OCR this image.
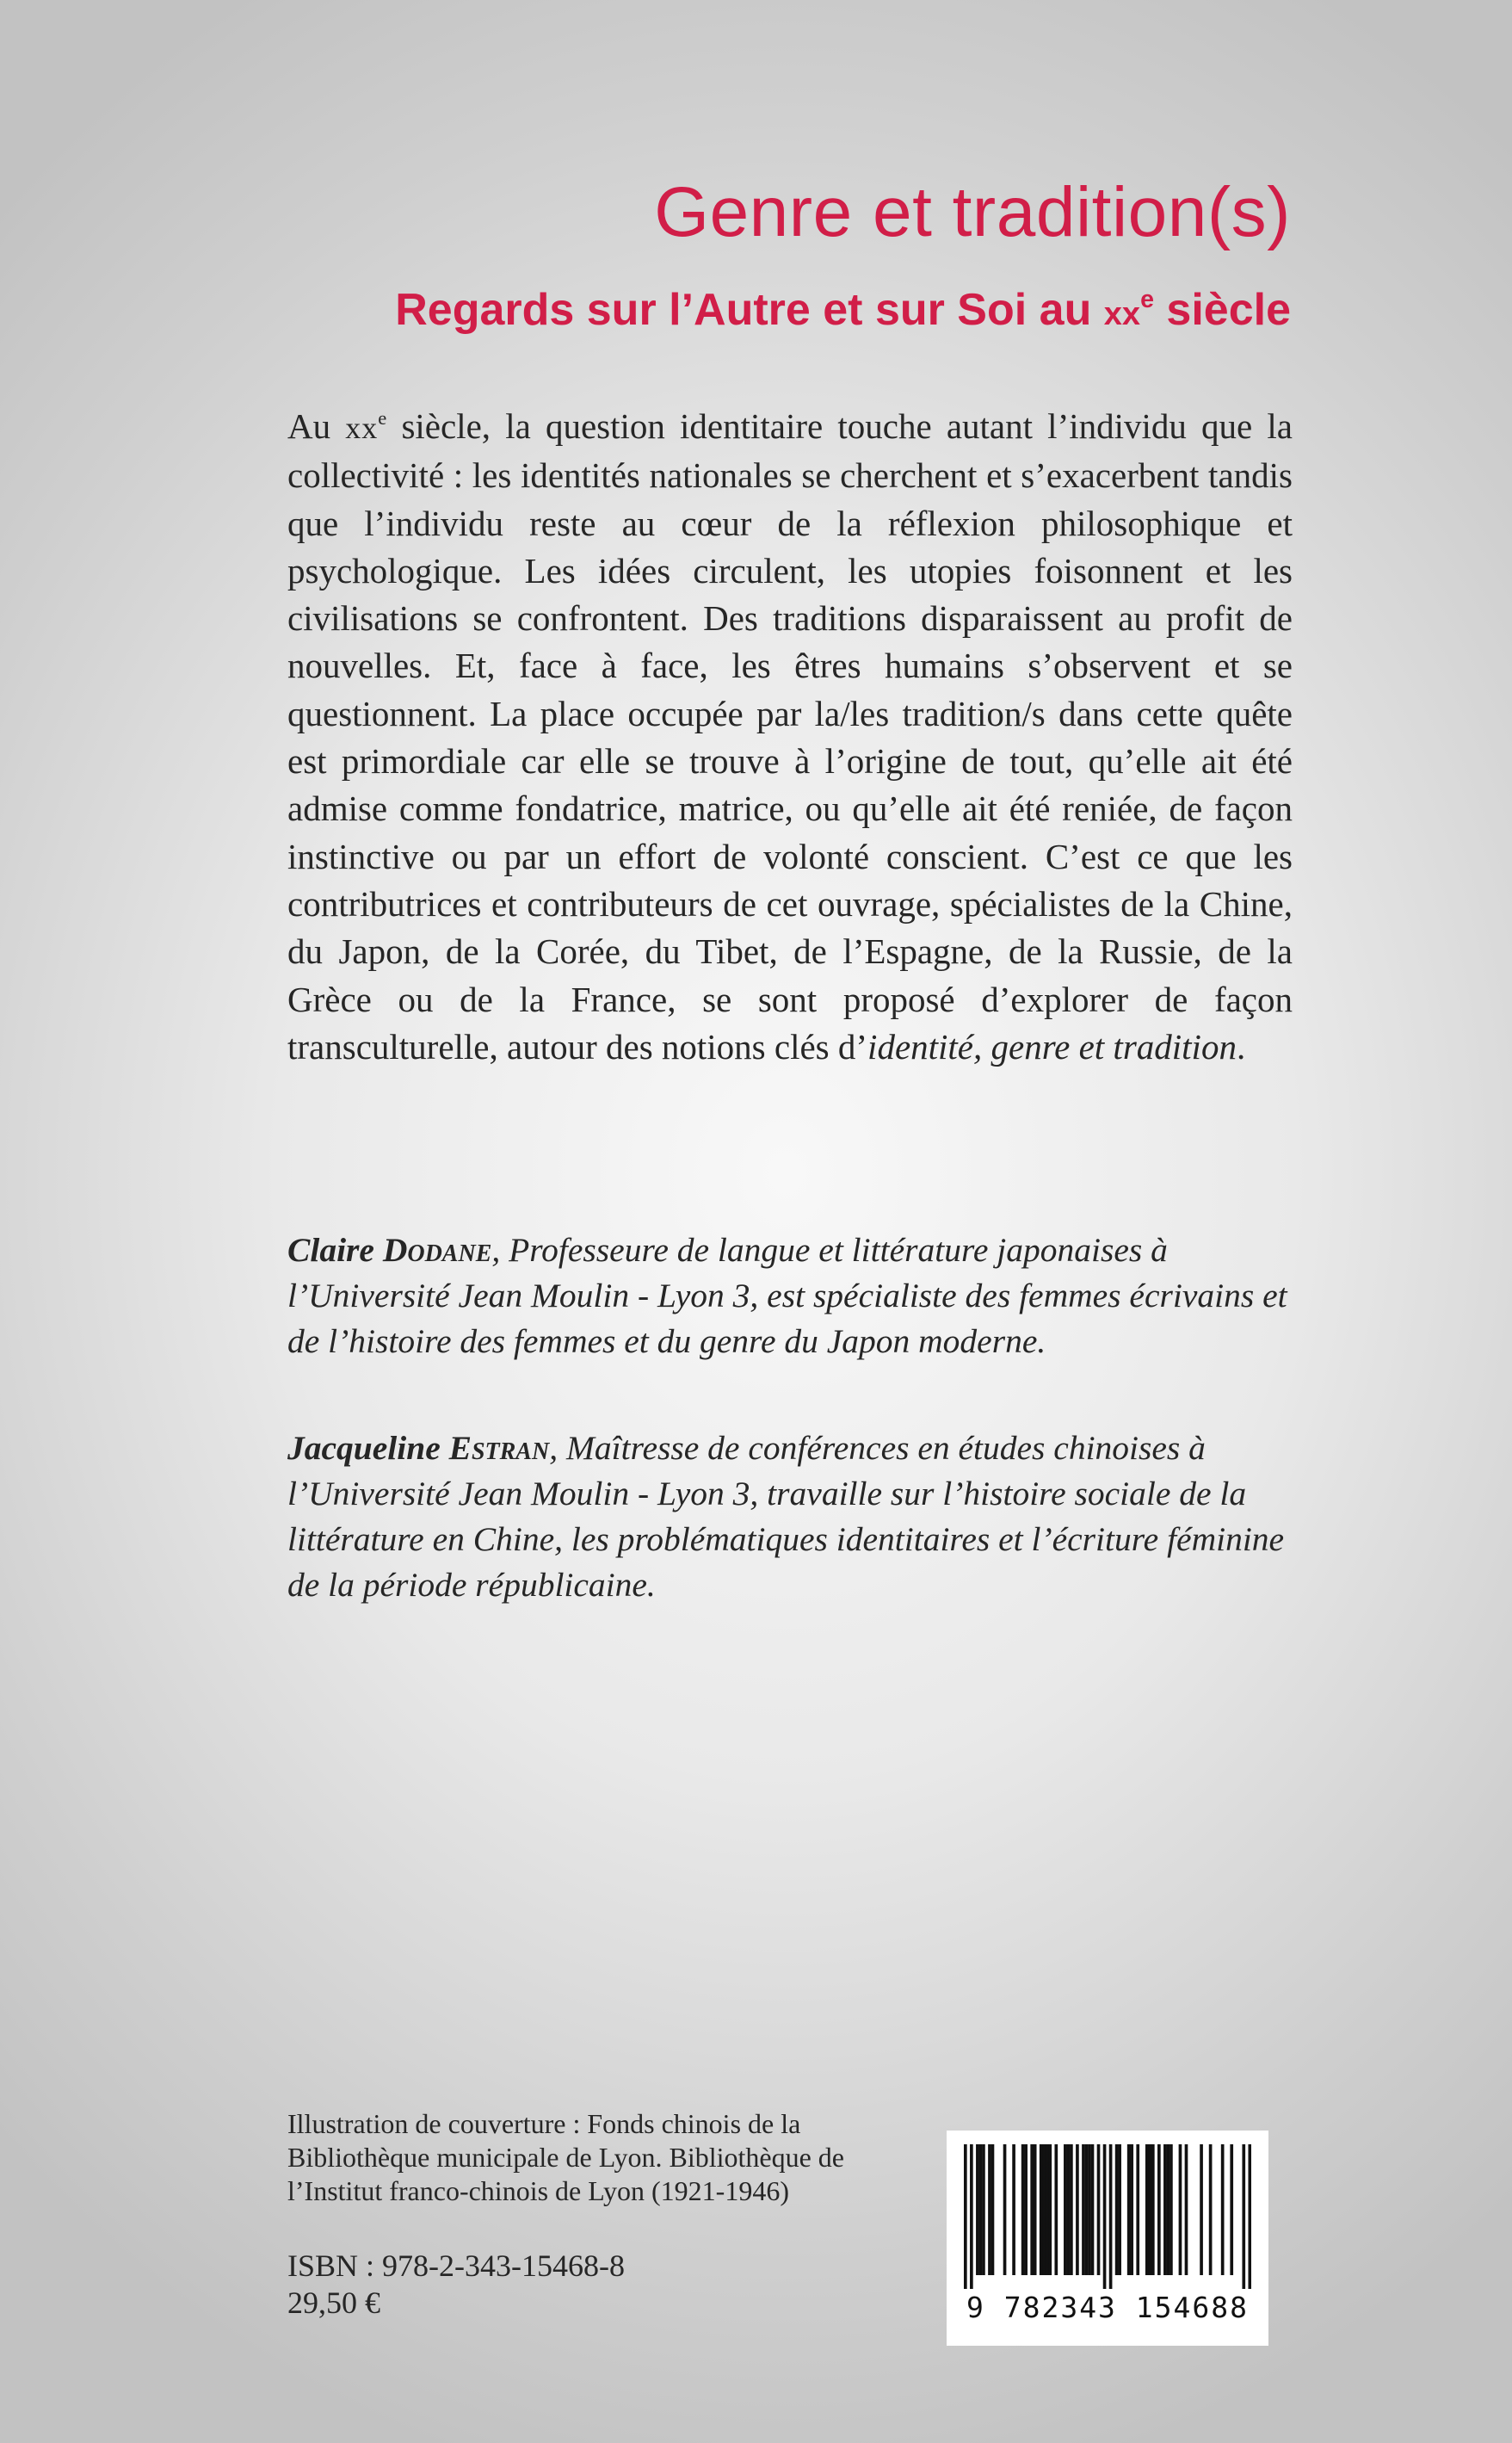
Genre et tradition(s)
Regards sur l’Autre et sur Soi au $xx^e$ siècle

Au $xx^e$ siècle, la question identitaire touche autant l’individu que la collectivité : les identités nationales se cherchent et s’exacerbent tandis que l’individu reste au cœur de la réflexion philosophique et psychologique. Les idées circulent, les utopies foisonnent et les civilisations se confrontent. Des traditions disparaissent au profit de nouvelles. Et, face à face, les êtres humains s’observent et se questionnent. La place occupée par la/les tradition/s dans cette quête est primordiale car elle se trouve à l’origine de tout, qu’elle ait été admise comme fondatrice, matrice, ou qu’elle ait été reniée, de façon instinctive ou par un effort de volonté conscient. C’est ce que les contributrices et contributeurs de cet ouvrage, spécialistes de la Chine, du Japon, de la Corée, du Tibet, de l’Espagne, de la Russie, de la Grèce ou de la France, se sont proposé d’explorer de façon transculturelle, autour des notions clés d’identité, genre et tradition.

Claire Dodane, Professeure de langue et littérature japonaises à l’Université Jean Moulin - Lyon 3, est spécialiste des femmes écrivains et de l’histoire des femmes et du genre du Japon moderne.

Jacqueline Estran, Maîtresse de conférences en études chinoises à l’Université Jean Moulin - Lyon 3, travaille sur l’histoire sociale de la littérature en Chine, les problématiques identitaires et l’écriture féminine de la période républicaine.

Illustration de couverture : Fonds chinois de la Bibliothèque municipale de Lyon. Bibliothèque de l’Institut franco-chinois de Lyon (1921-1946)

ISBN : 978-2-343-15468-8

29,50 €	9 782343 154688
